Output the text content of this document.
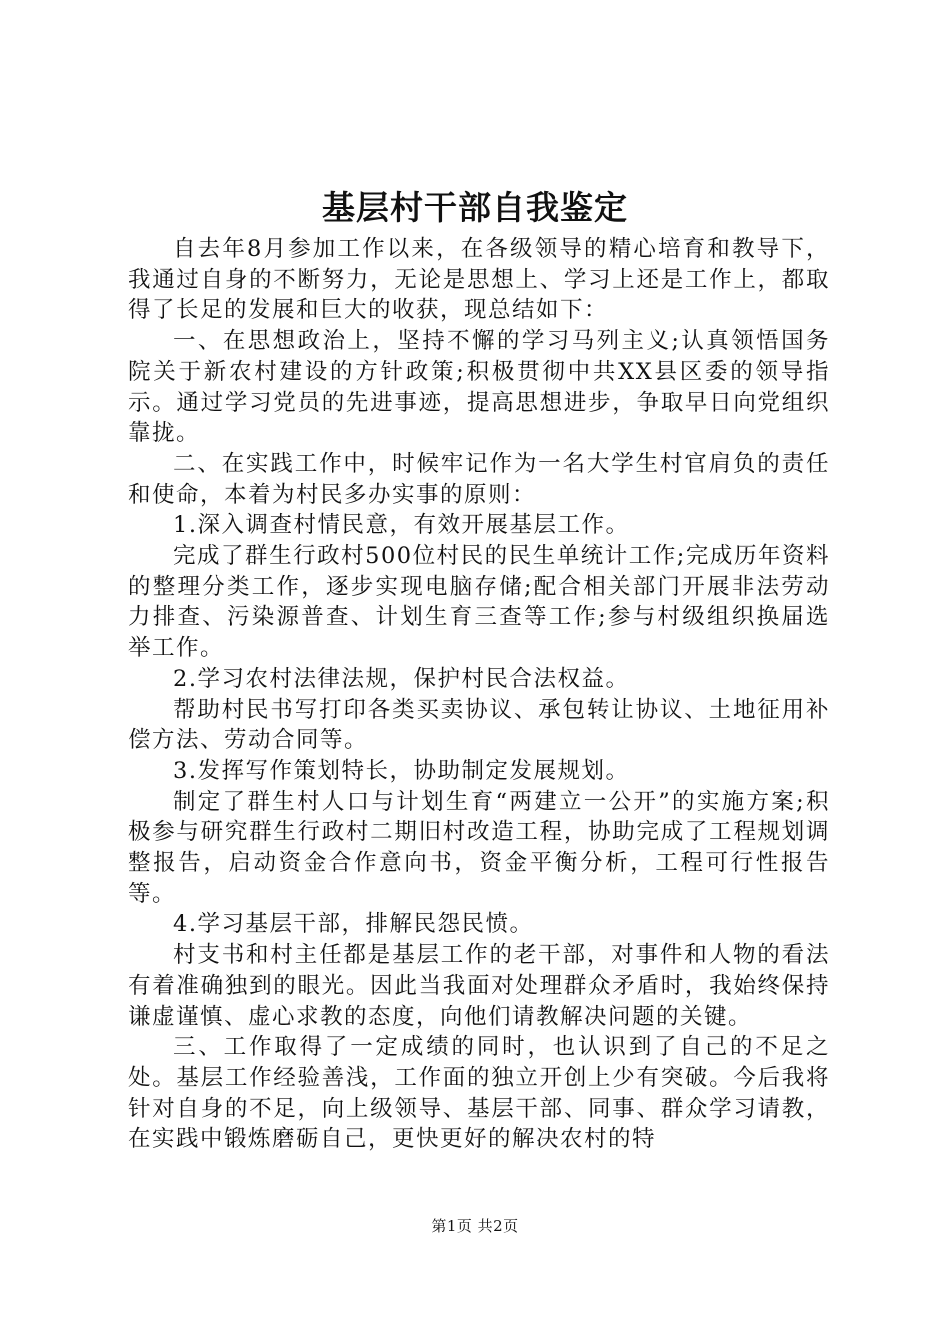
基层村干部自我鉴定

自去年8月参加工作以来，在各级领导的精心培育和教导下，我通过自身的不断努力，无论是思想上、学习上还是工作上，都取得了长足的发展和巨大的收获，现总结如下：

一、在思想政治上，坚持不懈的学习马列主义;认真领悟国务院关于新农村建设的方针政策;积极贯彻中共XX县区委的领导指示。通过学习党员的先进事迹，提高思想进步，争取早日向党组织靠拢。

二、在实践工作中，时候牢记作为一名大学生村官肩负的责任和使命，本着为村民多办实事的原则：

1.深入调查村情民意，有效开展基层工作。

完成了群生行政村500位村民的民生单统计工作;完成历年资料的整理分类工作，逐步实现电脑存储;配合相关部门开展非法劳动力排查、污染源普查、计划生育三查等工作;参与村级组织换届选举工作。

2.学习农村法律法规，保护村民合法权益。

帮助村民书写打印各类买卖协议、承包转让协议、土地征用补偿方法、劳动合同等。

3.发挥写作策划特长，协助制定发展规划。

制定了群生村人口与计划生育“两建立一公开”的实施方案;积极参与研究群生行政村二期旧村改造工程，协助完成了工程规划调整报告，启动资金合作意向书，资金平衡分析，工程可行性报告等。

4.学习基层干部，排解民怨民愤。

村支书和村主任都是基层工作的老干部，对事件和人物的看法有着准确独到的眼光。因此当我面对处理群众矛盾时，我始终保持谦虚谨慎、虚心求教的态度，向他们请教解决问题的关键。

三、工作取得了一定成绩的同时，也认识到了自己的不足之处。基层工作经验善浅，工作面的独立开创上少有突破。今后我将针对自身的不足，向上级领导、基层干部、同事、群众学习请教，在实践中锻炼磨砺自己，更快更好的解决农村的特

第1页 共2页
